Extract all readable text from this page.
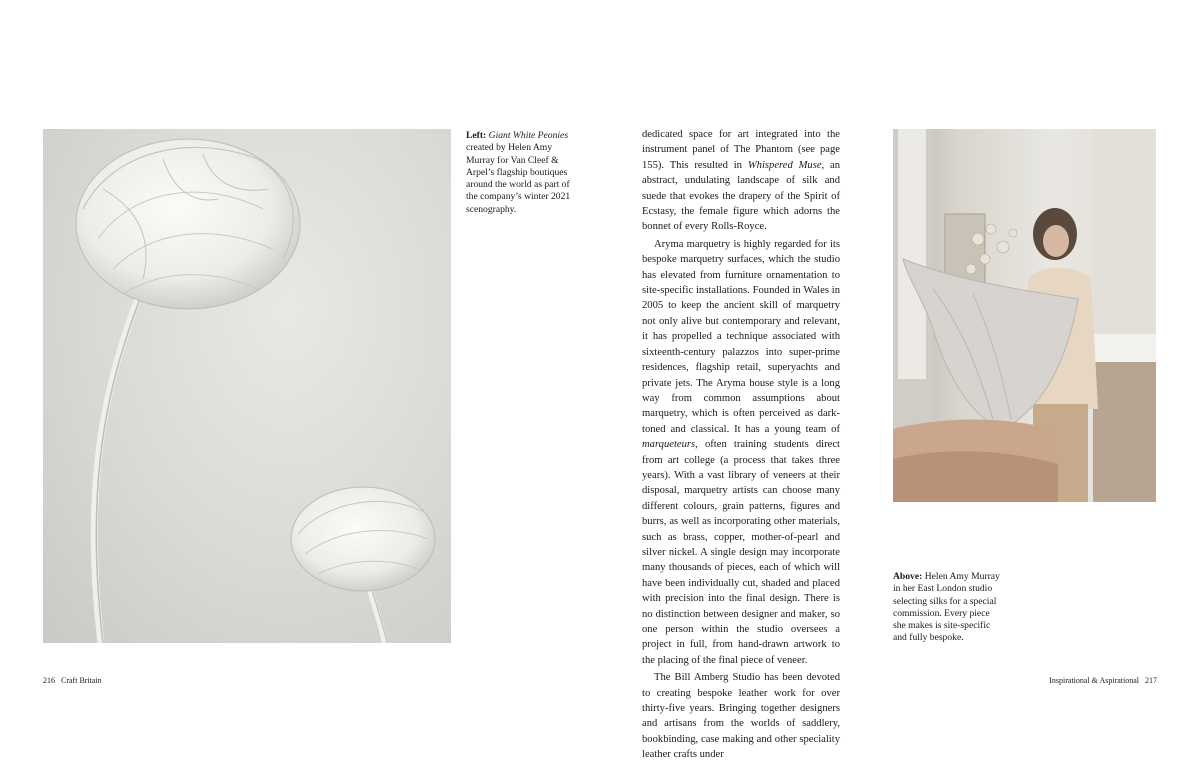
Left: Giant White Peonies created by Helen Amy Murray for Van Cleef & Arpel’s flagship boutiques around the world as part of the company’s winter 2021 scenography.

dedicated space for art integrated into the instrument panel of The Phantom (see page 155). This resulted in Whispered Muse, an abstract, undulating landscape of silk and suede that evokes the drapery of the Spirit of Ecstasy, the female figure which adorns the bonnet of every Rolls-Royce.

Aryma marquetry is highly regarded for its bespoke marquetry surfaces, which the studio has elevated from furniture ornamentation to site-specific installations. Founded in Wales in 2005 to keep the ancient skill of marquetry not only alive but contemporary and relevant, it has propelled a technique associated with sixteenth-century palazzos into super-prime residences, flagship retail, superyachts and private jets. The Aryma house style is a long way from common assumptions about marquetry, which is often perceived as dark-toned and classical. It has a young team of marqueteurs, often training students direct from art college (a process that takes three years). With a vast library of veneers at their disposal, marquetry artists can choose many different colours, grain patterns, figures and burrs, as well as incorporating other materials, such as brass, copper, mother-of-pearl and silver nickel. A single design may incorporate many thousands of pieces, each of which will have been individually cut, shaded and placed with precision into the final design. There is no distinction between designer and maker, so one person within the studio oversees a project in full, from hand-drawn artwork to the placing of the final piece of veneer.

The Bill Amberg Studio has been devoted to creating bespoke leather work for over thirty-five years. Bringing together designers and artisans from the worlds of saddlery, bookbinding, case making and other speciality leather crafts under

Above: Helen Amy Murray in her East London studio selecting silks for a special commission. Every piece she makes is site-specific and fully bespoke.
216 Craft Britain	Inspirational & Aspirational 217
